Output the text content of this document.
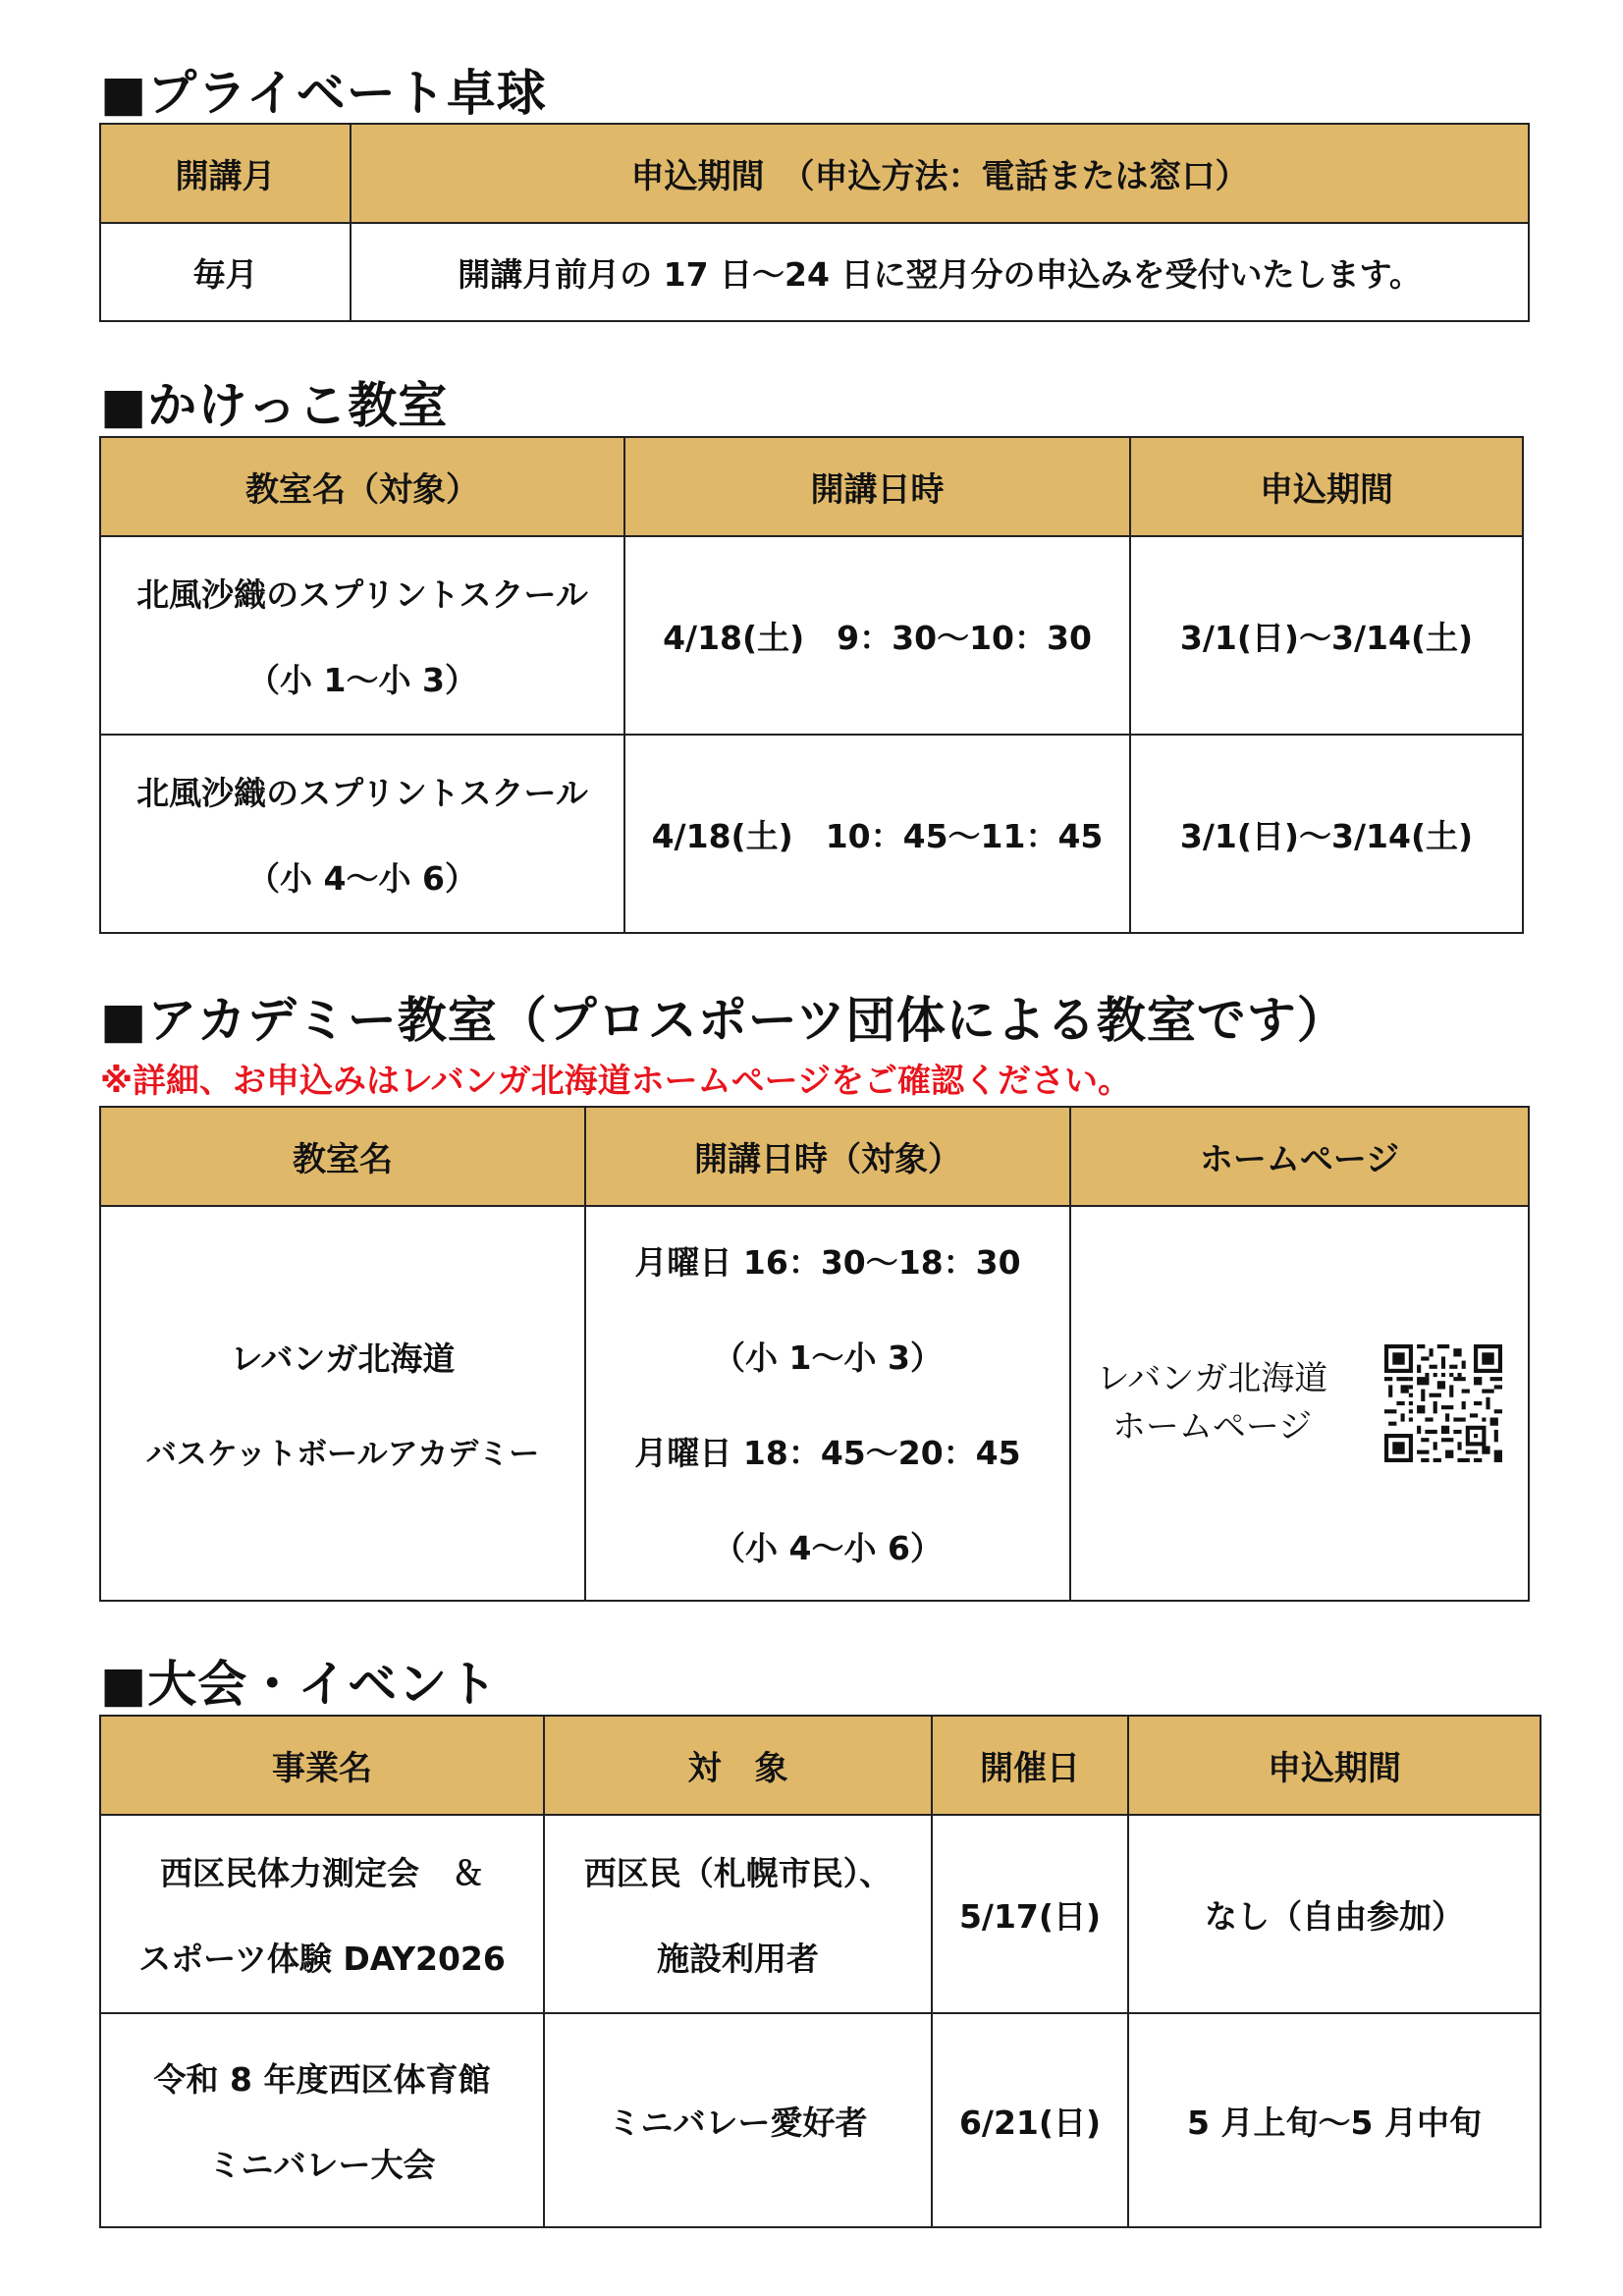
■プライベート卓球
開講月	申込期間　（申込方法：電話または窓口）
毎月	開講月前月の 17 日～24 日に翌月分の申込みを受付いたします。
■かけっこ教室
教室名（対象）	開講日時	申込期間

北風沙織のスプリントスクール
（小 1～小 3）	4/18(土)　9：30～10：30	3/1(日)～3/14(土)

北風沙織のスプリントスクール
（小 4～小 6）	4/18(土)　10：45～11：45	3/1(日)～3/14(土)
■アカデミー教室（プロスポーツ団体による教室です）
※詳細、お申込みはレバンガ北海道ホームページをご確認ください。
教室名	開講日時（対象）	ホームページ

レバンガ北海道
バスケットボールアカデミー	月曜日 16：30～18：30
（小 1～小 3）
月曜日 18：45～20：45
（小 4～小 6）	レバンガ北海道
ホームページ
■大会・イベント
事業名	対　象	開催日	申込期間

西区民体力測定会　＆
スポーツ体験 DAY2026	西区民（札幌市民）、
施設利用者	5/17(日)	なし（自由参加）

令和 8 年度西区体育館
ミニバレー大会	ミニバレー愛好者	6/21(日)	5 月上旬～5 月中旬
